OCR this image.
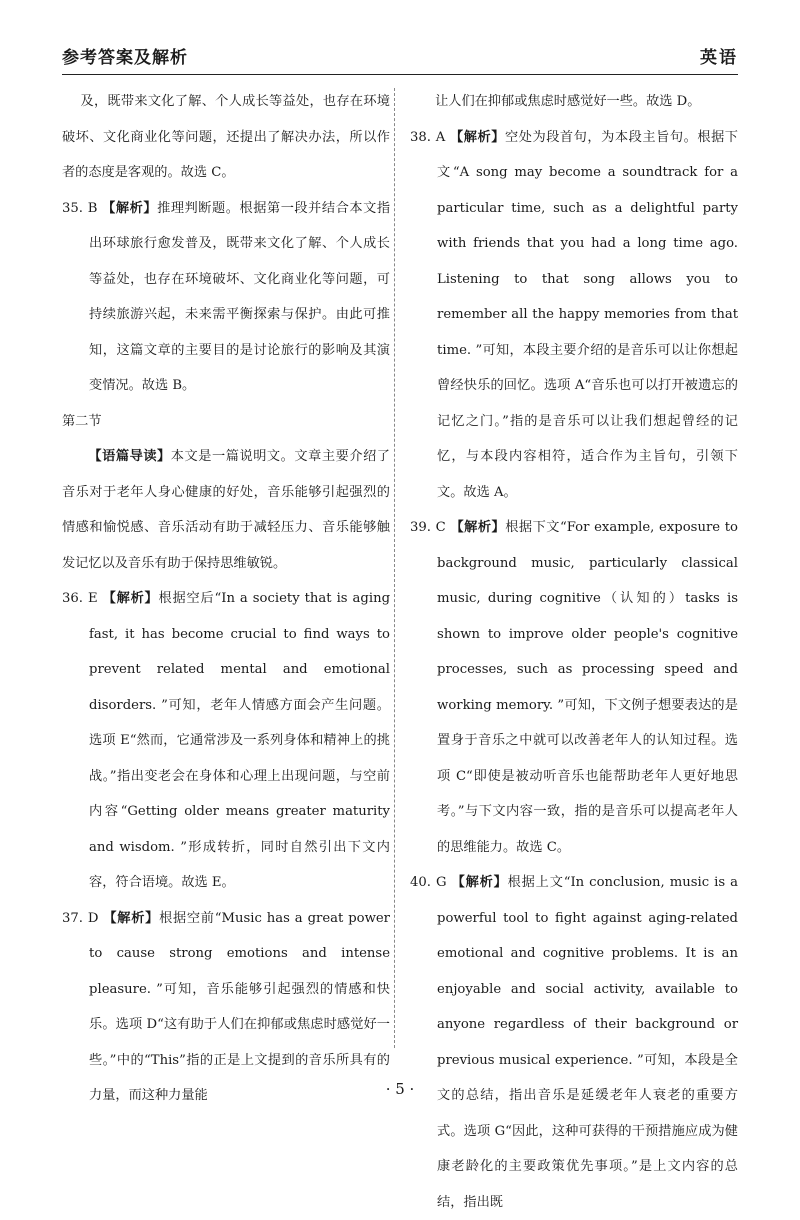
参考答案及解析	英语

及，既带来文化了解、个人成长等益处，也存在环境破坏、文化商业化等问题，还提出了解决办法，所以作者的态度是客观的。故选 C。

35. B 【解析】推理判断题。根据第一段并结合本文指出环球旅行愈发普及，既带来文化了解、个人成长等益处，也存在环境破坏、文化商业化等问题，可持续旅游兴起，未来需平衡探索与保护。由此可推知，这篇文章的主要目的是讨论旅行的影响及其演变情况。故选 B。

第二节

【语篇导读】本文是一篇说明文。文章主要介绍了音乐对于老年人身心健康的好处，音乐能够引起强烈的情感和愉悦感、音乐活动有助于减轻压力、音乐能够触发记忆以及音乐有助于保持思维敏锐。

36. E 【解析】根据空后“In a society that is aging fast, it has become crucial to find ways to prevent related mental and emotional disorders. ”可知，老年人情感方面会产生问题。选项 E“然而，它通常涉及一系列身体和精神上的挑战。”指出变老会在身体和心理上出现问题，与空前内容“Getting older means greater maturity and wisdom. ”形成转折，同时自然引出下文内容，符合语境。故选 E。

37. D 【解析】根据空前“Music has a great power to cause strong emotions and intense pleasure. ”可知，音乐能够引起强烈的情感和快乐。选项 D“这有助于人们在抑郁或焦虑时感觉好一些。”中的“This”指的正是上文提到的音乐所具有的力量，而这种力量能

让人们在抑郁或焦虑时感觉好一些。故选 D。

38. A 【解析】空处为段首句，为本段主旨句。根据下文“A song may become a soundtrack for a particular time, such as a delightful party with friends that you had a long time ago. Listening to that song allows you to remember all the happy memories from that time. ”可知，本段主要介绍的是音乐可以让你想起曾经快乐的回忆。选项 A“音乐也可以打开被遗忘的记忆之门。”指的是音乐可以让我们想起曾经的记忆，与本段内容相符，适合作为主旨句，引领下文。故选 A。

39. C 【解析】根据下文“For example, exposure to background music, particularly classical music, during cognitive（认知的）tasks is shown to improve older people's cognitive processes, such as processing speed and working memory. ”可知，下文例子想要表达的是置身于音乐之中就可以改善老年人的认知过程。选项 C“即使是被动听音乐也能帮助老年人更好地思考。”与下文内容一致，指的是音乐可以提高老年人的思维能力。故选 C。

40. G 【解析】根据上文“In conclusion, music is a powerful tool to fight against aging-related emotional and cognitive problems. It is an enjoyable and social activity, available to anyone regardless of their background or previous musical experience. ”可知，本段是全文的总结，指出音乐是延缓老年人衰老的重要方式。选项 G“因此，这种可获得的干预措施应成为健康老龄化的主要政策优先事项。”是上文内容的总结，指出既

· 5 ·
